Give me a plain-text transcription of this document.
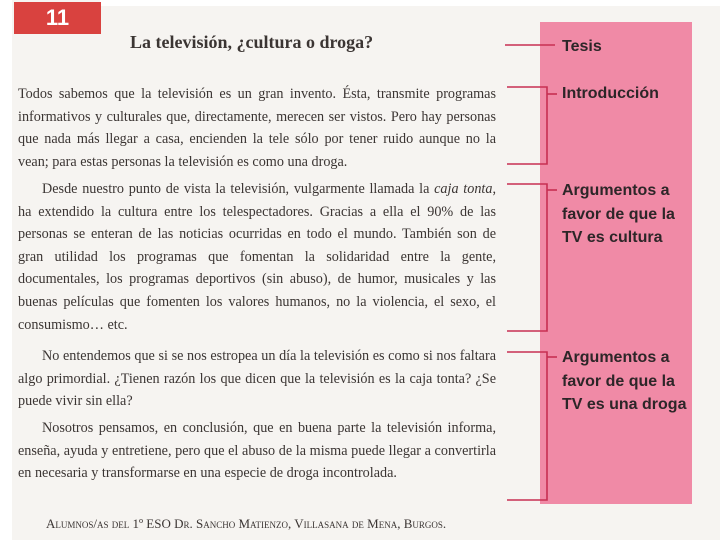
11
La televisión, ¿cultura o droga?

Todos sabemos que la televisión es un gran invento. Ésta, transmite programas informativos y culturales que, directamente, merecen ser vistos. Pero hay personas que nada más llegar a casa, encienden la tele sólo por tener ruido aunque no la vean; para estas personas la televisión es como una droga.

Desde nuestro punto de vista la televisión, vulgarmente llamada la caja tonta, ha extendido la cultura entre los telespectadores. Gracias a ella el 90% de las personas se enteran de las noticias ocurridas en todo el mundo. También son de gran utilidad los programas que fomentan la solidaridad entre la gente, documentales, los programas deportivos (sin abuso), de humor, musicales y las buenas películas que fomenten los valores humanos, no la violencia, el sexo, el consumismo… etc.

No entendemos que si se nos estropea un día la televisión es como si nos faltara algo primordial. ¿Tienen razón los que dicen que la televisión es la caja tonta? ¿Se puede vivir sin ella?

Nosotros pensamos, en conclusión, que en buena parte la televisión informa, enseña, ayuda y entretiene, pero que el abuso de la misma puede llegar a convertirla en necesaria y transformarse en una especie de droga incontrolada.

Alumnos/as del 1º ESO Dr. Sancho Matienzo, Villasana de Mena, Burgos.
Tesis
Introducción
Argumentos a favor de que la TV es cultura
Argumentos a favor de que la TV es una droga
